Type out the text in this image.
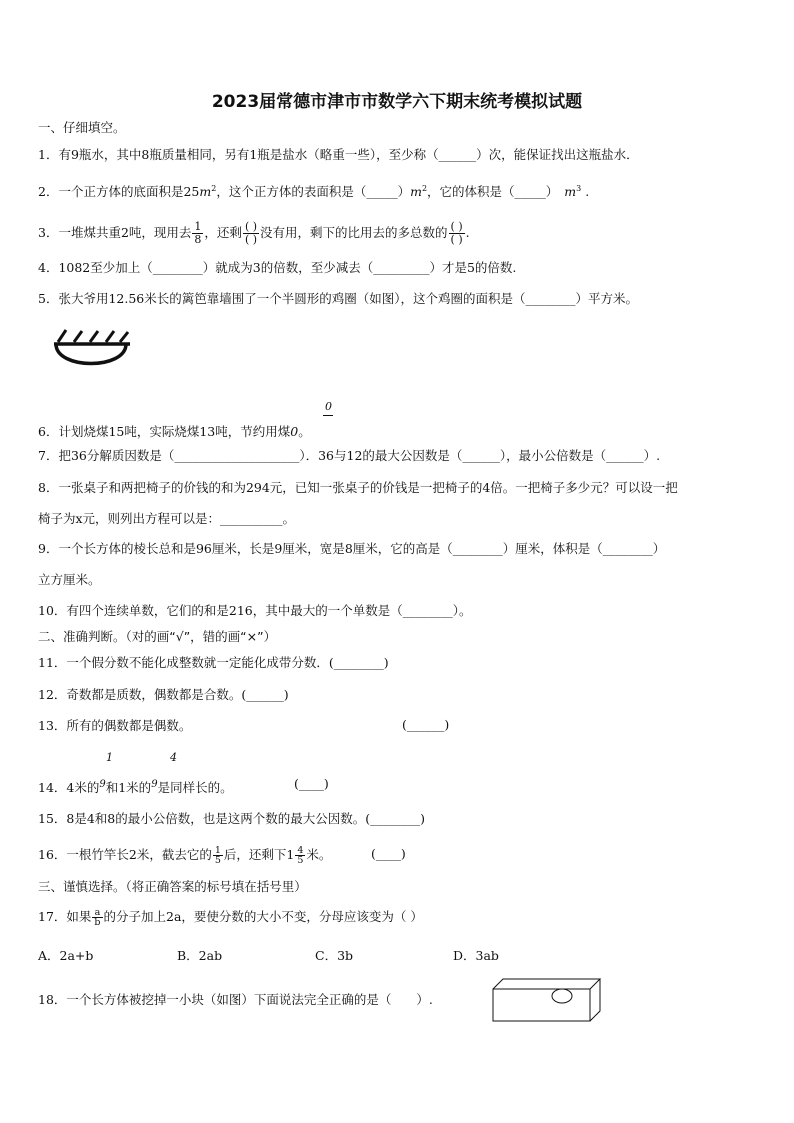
2023届常德市津市市数学六下期末统考模拟试题
一、仔细填空。
1．有9瓶水，其中8瓶质量相同，另有1瓶是盐水（略重一些），至少称（______）次，能保证找出这瓶盐水．
2．一个正方体的底面积是$25m^2$，这个正方体的表面积是$(\_\_\_\_\_)m^2$，它的体积是（_____） $m^3$ .
3．一堆煤共重2吨，现用去 $\frac{1}{8}$ ，还剩 $\frac{( )}{( )}$ 没有用，剩下的比用去的多总数的 $\frac{( )}{( )}$ .
4．1082至少加上（________）就成为3的倍数，至少减去（_________）才是5的倍数.
5．张大爷用12.56米长的篱笆靠墙围了一个半圆形的鸡圈（如图），这个鸡圈的面积是（________）平方米。
0
6．计划烧煤15吨，实际烧煤13吨，节约用煤0。
7．把36分解质因数是（____________________）．36与12的最大公因数是（______），最小公倍数是（______）.
8．一张桌子和两把椅子的价钱的和为294元，已知一张桌子的价钱是一把椅子的4倍。一把椅子多少元？可以设一把
椅子为x元，则列出方程可以是：__________。
9．一个长方体的棱长总和是96厘米，长是9厘米，宽是8厘米，它的高是（________）厘米，体积是（________）
立方厘米。
10．有四个连续单数，它们的和是216，其中最大的一个单数是（________）。
二、准确判断。（对的画“√”，错的画“×”）
11．一个假分数不能化成整数就一定能化成带分数．(________)
12．奇数都是质数，偶数都是合数。(______)
13．所有的偶数都是偶数。	(______)
1	4
14．4米的$^9$和1米的$^9$是同样长的。	(____)
15．8是4和8的最小公倍数，也是这两个数的最大公因数。(________)
16．一根竹竿长2米，截去它的 $\frac{1}{5}$ 后，还剩下$1 \frac{4}{5}$ 米。	(____)
三、谨慎选择。（将正确答案的标号填在括号里）
17．如果 $\frac{a}{b}$ 的分子加上2a，要使分数的大小不变，分母应该变为（ ）
A．2a+b	B．2ab	C．3b	D．3ab
18．一个长方体被挖掉一小块（如图）下面说法完全正确的是（　　）.
